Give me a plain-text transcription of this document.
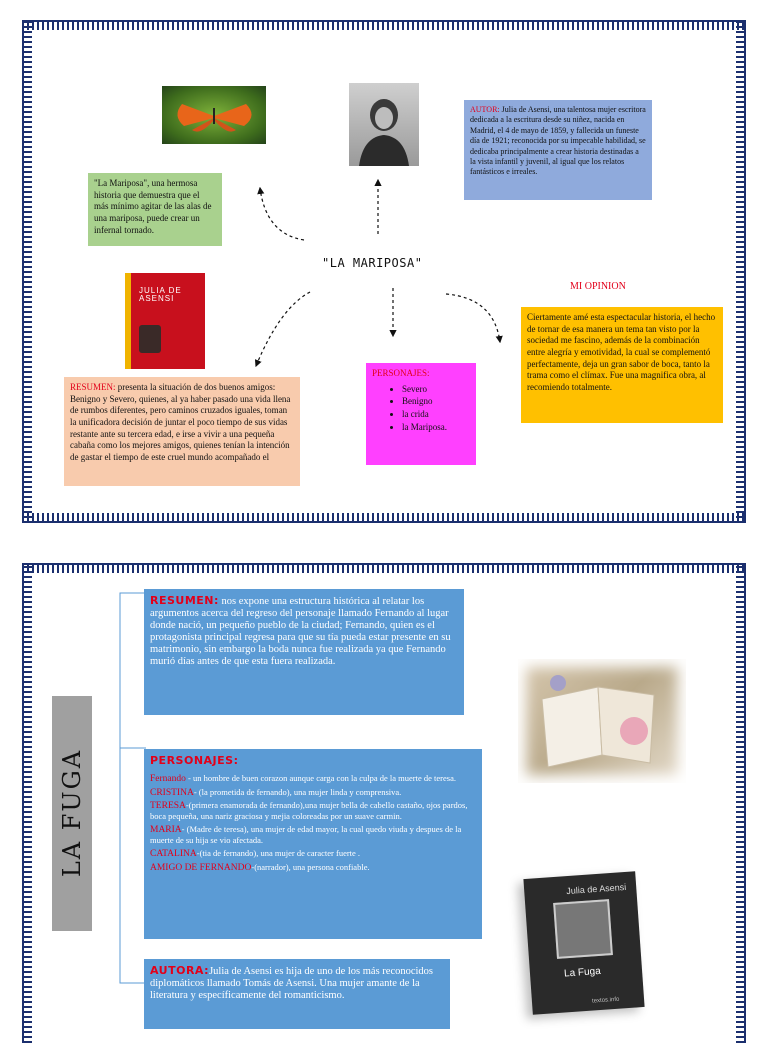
AUTOR: Julia de Asensi, una talentosa mujer escritora dedicada a la escritura desde su niñez, nacida en Madrid, el 4 de mayo de 1859, y fallecida un funeste día de 1921; reconocida por su impecable habilidad, se dedicaba principalmente a crear historia destinadas a la vista infantil y juvenil, al igual que los relatos fantásticos e irreales.
"La Mariposa", una hermosa historia que demuestra que el más mínimo agitar de las alas de una mariposa, puede crear un infernal tornado.
"LA MARIPOSA"
JULIA DE ASENSI
MI OPINION
Ciertamente amé esta espectacular historia, el hecho de tornar de esa manera un tema tan visto por la sociedad me fascino, además de la combinación entre alegría y emotividad, la cual se complementó perfectamente, deja un gran sabor de boca, tanto la trama como el clímax. Fue una magnifica obra, al recomiendo totalmente.
PERSONAJES:
• Severo
• Benigno
• la crida
• la Mariposa.
RESUMEN: presenta la situación de dos buenos amigos: Benigno y Severo, quienes, al ya haber pasado una vida llena de rumbos diferentes, pero caminos cruzados iguales, toman la unificadora decisión de juntar el poco tiempo de sus vidas restante ante su tercera edad, e irse a vivir a una pequeña cabaña como los mejores amigos, quienes tenían la intención de gastar el tiempo de este cruel mundo acompañado el
LA FUGA
RESUMEN: nos expone una estructura histórica al relatar los argumentos acerca del regreso del personaje llamado Fernando al lugar donde nació, un pequeño pueblo de la ciudad; Fernando, quien es el protagonista principal regresa para que su tía pueda estar presente en su matrimonio, sin embargo la boda nunca fue realizada ya que Fernando murió días antes de que esta fuera realizada.
PERSONAJES:
Fernando - un hombre de buen corazon aunque carga con la culpa de la muerte de teresa.
CRISTINA- (la prometida de fernando), una mujer linda y comprensiva.
TERESA-(primera enamorada de fernando),una mujer bella de cabello castaño, ojos pardos, boca pequeña, una nariz graciosa y mejia coloreadas por un suave carmin.
MARIA- (Madre de teresa), una mujer de edad mayor, la cual quedo viuda y despues de la muerte de su hija se vio afectada.
CATALINA-(tia de fernando), una mujer de caracter fuerte .
AMIGO DE FERNANDO-(narrador), una persona confiable.
Julia de Asensi
La Fuga
textos.info
AUTORA:Julia de Asensi es hija de uno de los más reconocidos diplomáticos llamado Tomás de Asensi. Una mujer amante de la literatura y específicamente del romanticismo.
